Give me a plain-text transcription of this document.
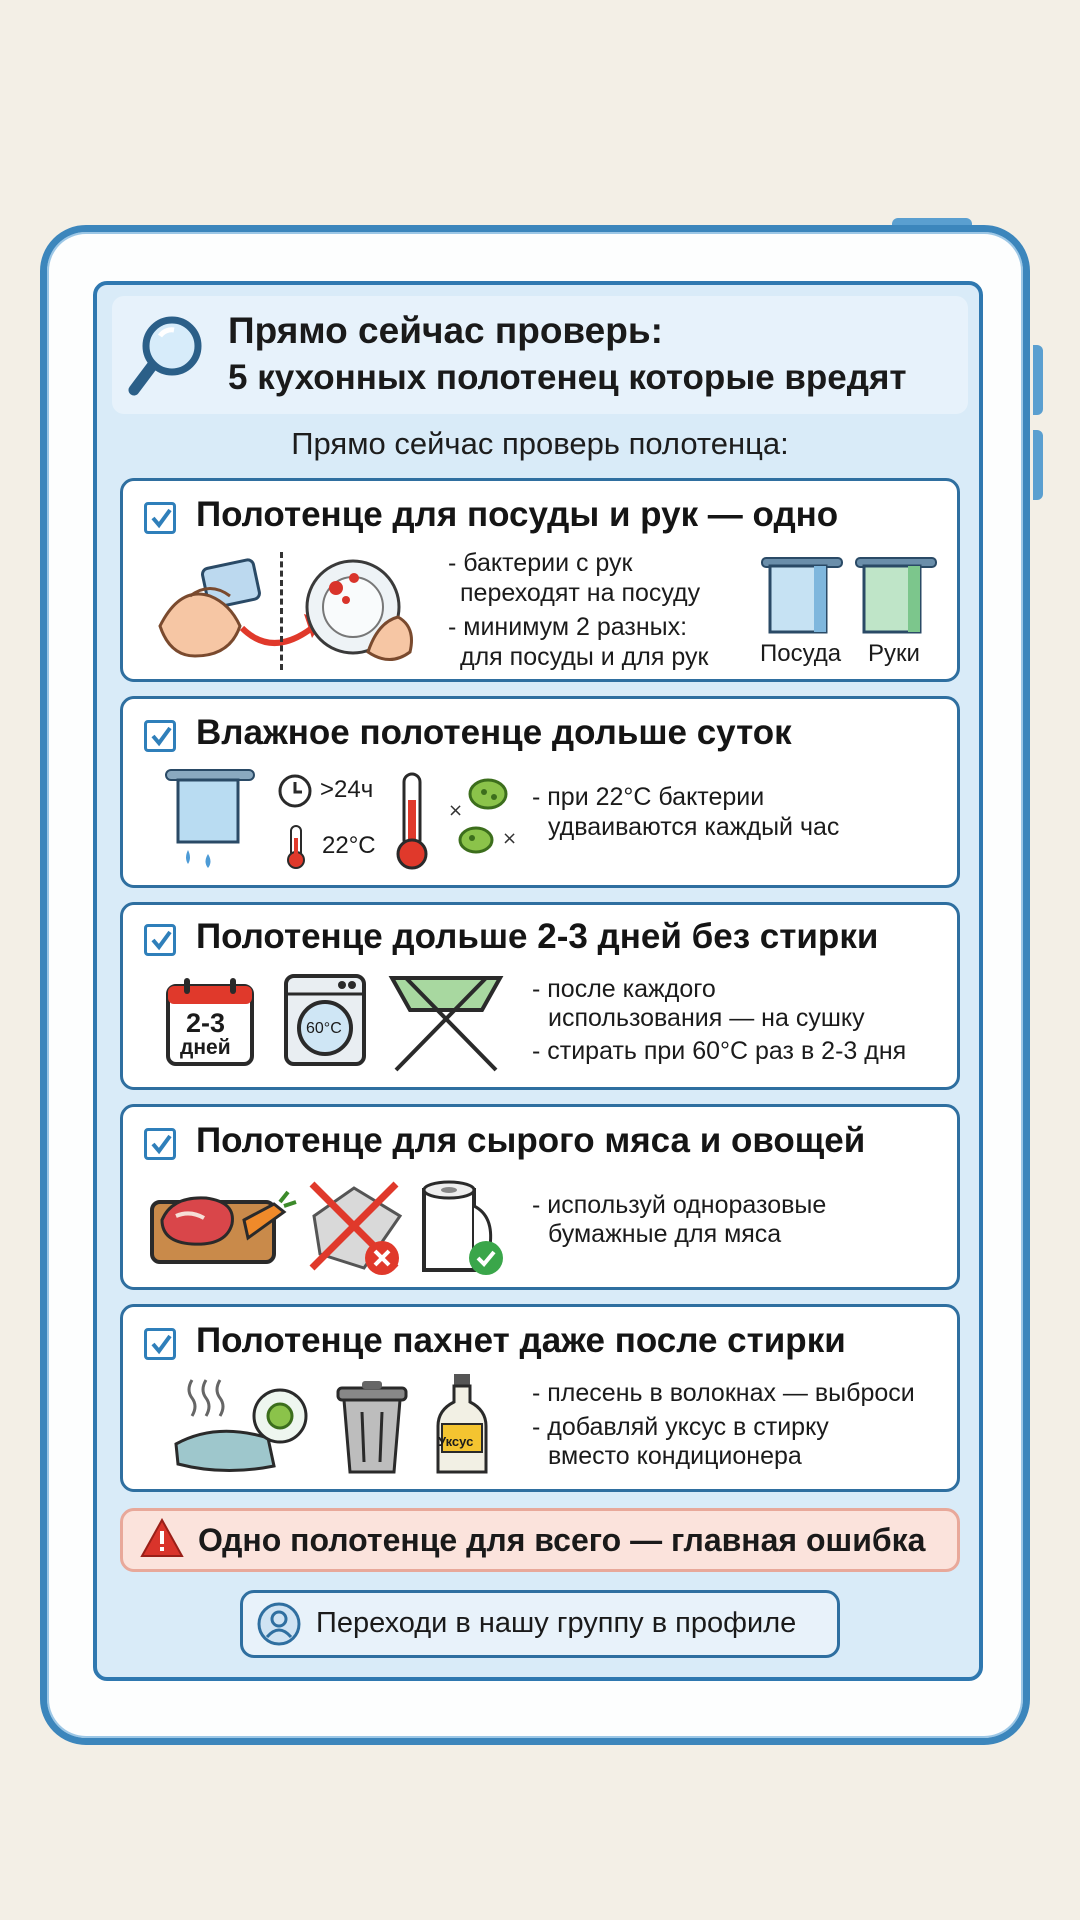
Прямо сейчас проверь:
5 кухонных полотенец которые вредят
Прямо сейчас проверь полотенца:
Полотенце для посуды и рук — одно
- бактерии с рук
переходят на посуду
- минимум 2 разных:
для посуды и для рук Посуда Руки
Влажное полотенце дольше суток
>24ч
22°C
×
×
- при 22°C бактерии
удваиваются каждый час
Полотенце дольше 2-3 дней без стирки
2-3
дней
60°C
- после каждого
использования — на сушку
- стирать при 60°C раз в 2-3 дня
Полотенце для сырого мяса и овощей
- используй одноразовые
бумажные для мяса
Полотенце пахнет даже после стирки
Уксус
- плесень в волокнах — выброси
- добавляй уксус в стирку
вместо кондиционера
Одно полотенце для всего — главная ошибка
Переходи в нашу группу в профиле
